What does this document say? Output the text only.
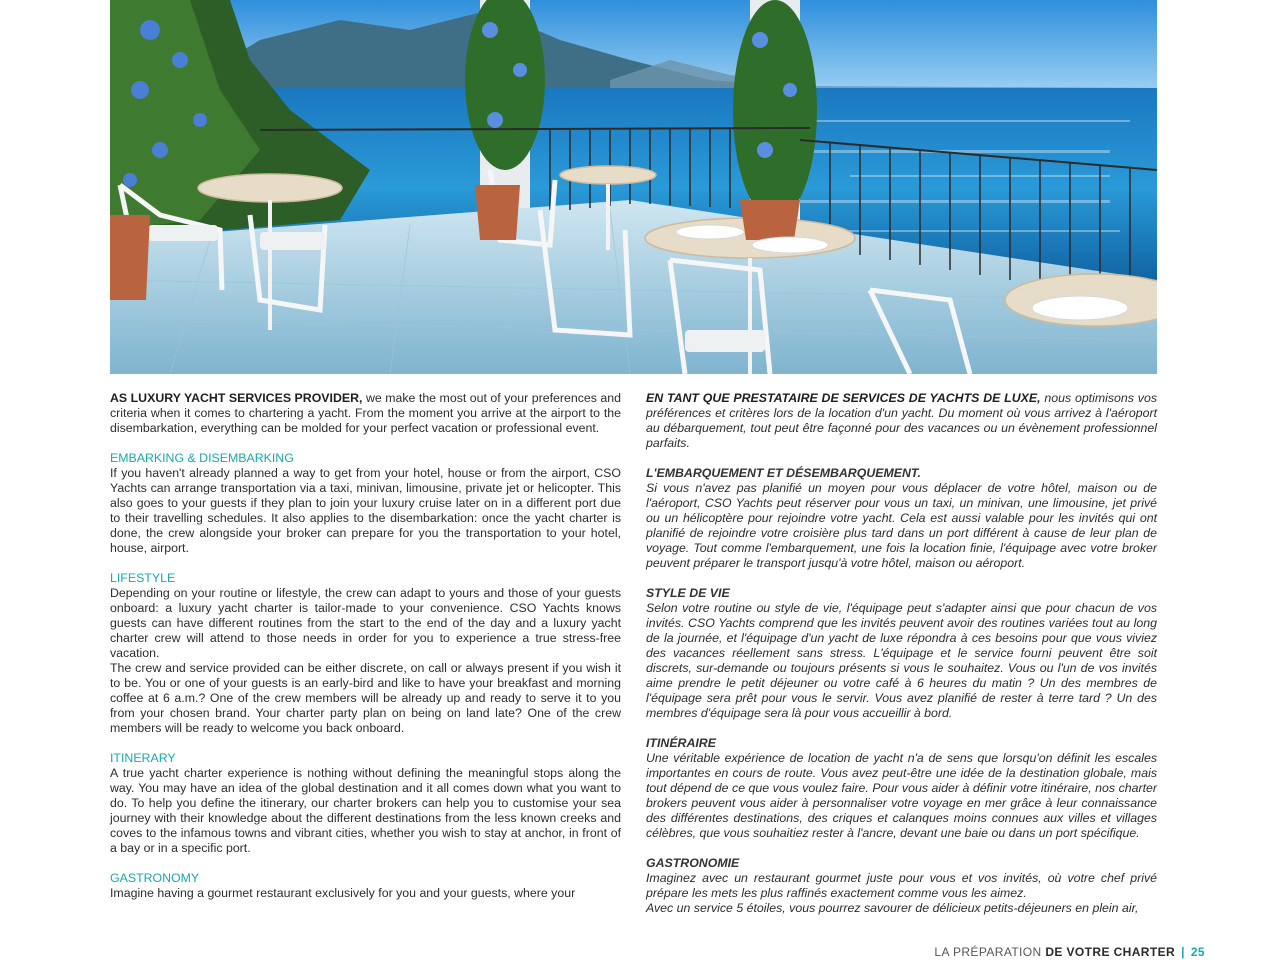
AS LUXURY YACHT SERVICES PROVIDER, we make the most out of your preferences and criteria when it comes to chartering a yacht. From the moment you arrive at the airport to the disembarkation, everything can be molded for your perfect vacation or professional event.

EMBARKING & DISEMBARKING

If you haven't already planned a way to get from your hotel, house or from the airport, CSO Yachts can arrange transportation via a taxi, minivan, limousine, private jet or helicopter. This also goes to your guests if they plan to join your luxury cruise later on in a different port due to their travelling schedules. It also applies to the disembarkation: once the yacht charter is done, the crew alongside your broker can prepare for you the transportation to your hotel, house, airport.

LIFESTYLE

Depending on your routine or lifestyle, the crew can adapt to yours and those of your guests onboard: a luxury yacht charter is tailor-made to your convenience. CSO Yachts knows guests can have different routines from the start to the end of the day and a luxury yacht charter crew will attend to those needs in order for you to experience a true stress-free vacation.

The crew and service provided can be either discrete, on call or always present if you wish it to be. You or one of your guests is an early-bird and like to have your breakfast and morning coffee at 6 a.m.? One of the crew members will be already up and ready to serve it to you from your chosen brand. Your charter party plan on being on land late? One of the crew members will be ready to welcome you back onboard.

ITINERARY

A true yacht charter experience is nothing without defining the meaningful stops along the way. You may have an idea of the global destination and it all comes down what you want to do. To help you define the itinerary, our charter brokers can help you to customise your sea journey with their knowledge about the different destinations from the less known creeks and coves to the infamous towns and vibrant cities, whether you wish to stay at anchor, in front of a bay or in a specific port.

GASTRONOMY

Imagine having a gourmet restaurant exclusively for you and your guests, where your

EN TANT QUE PRESTATAIRE DE SERVICES DE YACHTS DE LUXE, nous optimisons vos préférences et critères lors de la location d'un yacht. Du moment où vous arrivez à l'aéroport au débarquement, tout peut être façonné pour des vacances ou un évènement professionnel parfaits.

L'EMBARQUEMENT ET DÉSEMBARQUEMENT.

Si vous n'avez pas planifié un moyen pour vous déplacer de votre hôtel, maison ou de l'aéroport, CSO Yachts peut réserver pour vous un taxi, un minivan, une limousine, jet privé ou un hélicoptère pour rejoindre votre yacht. Cela est aussi valable pour les invités qui ont planifié de rejoindre votre croisière plus tard dans un port différent à cause de leur plan de voyage. Tout comme l'embarquement, une fois la location finie, l'équipage avec votre broker peuvent préparer le transport jusqu'à votre hôtel, maison ou aéroport.

STYLE DE VIE

Selon votre routine ou style de vie, l'équipage peut s'adapter ainsi que pour chacun de vos invités. CSO Yachts comprend que les invités peuvent avoir des routines variées tout au long de la journée, et l'équipage d'un yacht de luxe répondra à ces besoins pour que vous viviez des vacances réellement sans stress. L'équipage et le service fourni peuvent être soit discrets, sur-demande ou toujours présents si vous le souhaitez. Vous ou l'un de vos invités aime prendre le petit déjeuner ou votre café à 6 heures du matin ? Un des membres de l'équipage sera prêt pour vous le servir. Vous avez planifié de rester à terre tard ? Un des membres d'équipage sera là pour vous accueillir à bord.

ITINÉRAIRE

Une véritable expérience de location de yacht n'a de sens que lorsqu'on définit les escales importantes en cours de route. Vous avez peut-être une idée de la destination globale, mais tout dépend de ce que vous voulez faire. Pour vous aider à définir votre itinéraire, nos charter brokers peuvent vous aider à personnaliser votre voyage en mer grâce à leur connaissance des différentes destinations, des criques et calanques moins connues aux villes et villages célèbres, que vous souhaitiez rester à l'ancre, devant une baie ou dans un port spécifique.

GASTRONOMIE

Imaginez avec un restaurant gourmet juste pour vous et vos invités, où votre chef privé prépare les mets les plus raffinés exactement comme vous les aimez.

Avec un service 5 étoiles, vous pourrez savourer de délicieux petits-déjeuners en plein air,

LA PRÉPARATION DE VOTRE CHARTER | 25
